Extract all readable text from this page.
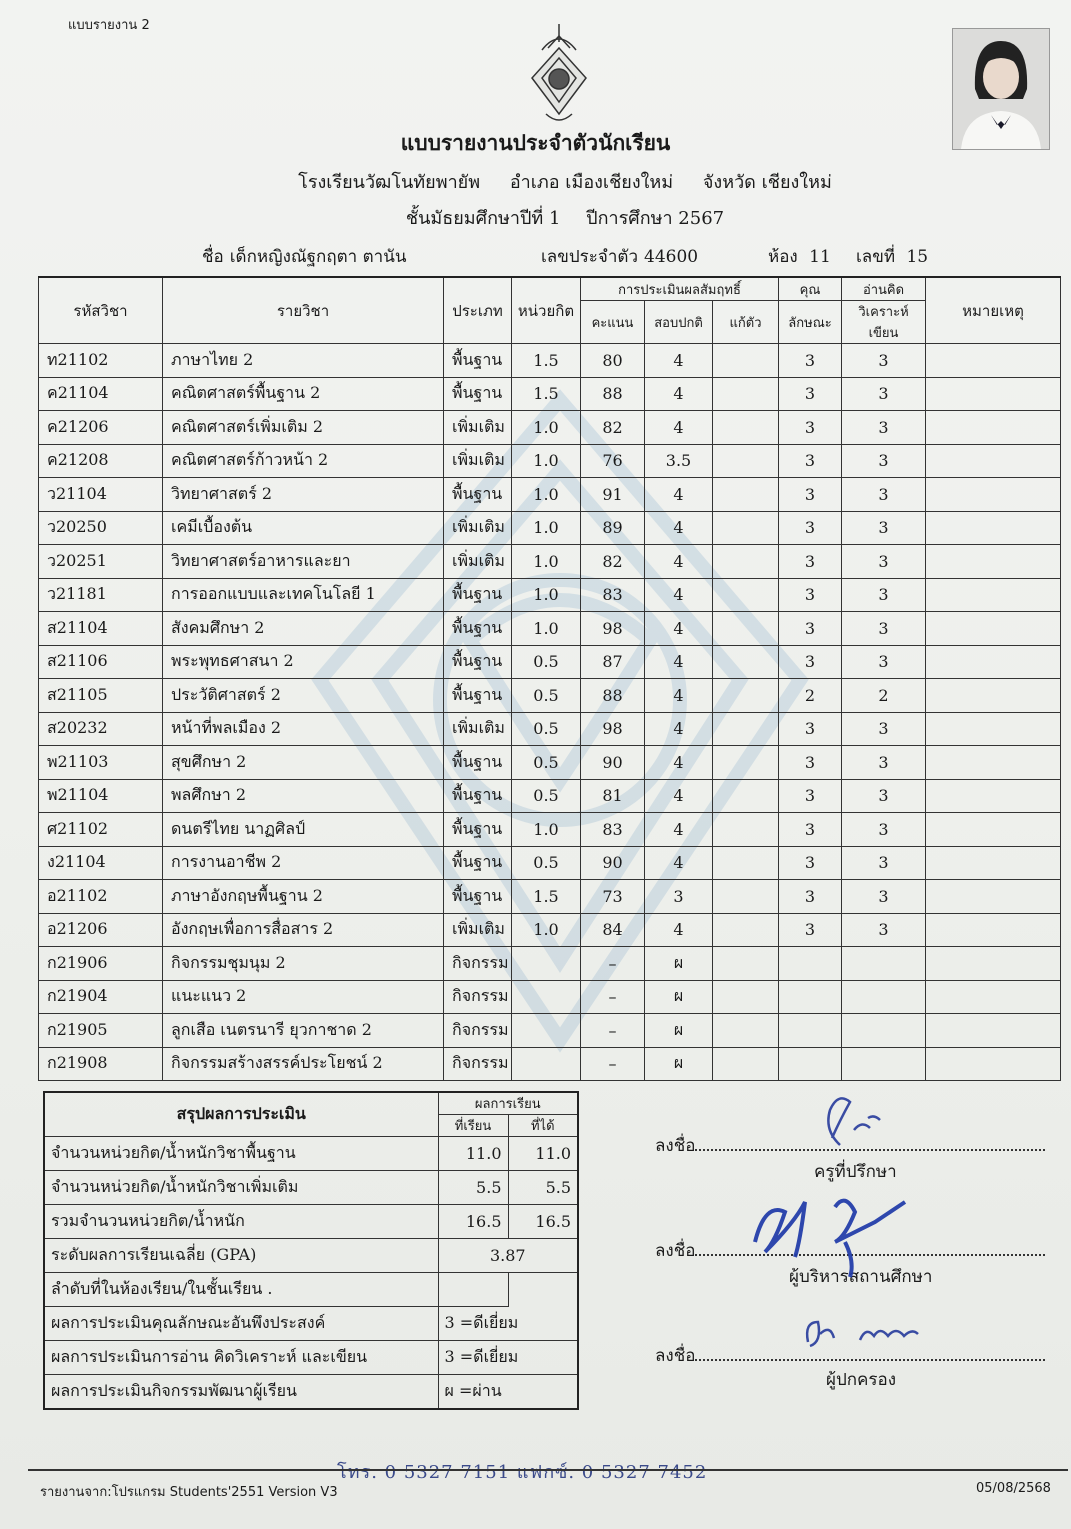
แบบรายงาน 2
แบบรายงานประจำตัวนักเรียน
โรงเรียนวัฒโนทัยพายัพ อำเภอ เมืองเชียงใหม่ จังหวัด เชียงใหม่
ชั้นมัธยมศึกษาปีที่ 1 ปีการศึกษา 2567
ชื่อ เด็กหญิงณัฐกฤตา ตานัน	เลขประจำตัว 44600	ห้อง 11 เลขที่ 15
รหัสวิชา	รายวิชา	ประเภท	หน่วยกิต	การประเมินผลสัมฤทธิ์			คุณ	อ่านคิด	หมายเหตุ
				คะแนน	สอบปกติ	แก้ตัว	ลักษณะ	วิเคราะห์เขียน	
ท21102	ภาษาไทย 2	พื้นฐาน	1.5	80	4		3	3	
ค21104	คณิตศาสตร์พื้นฐาน 2	พื้นฐาน	1.5	88	4		3	3	
ค21206	คณิตศาสตร์เพิ่มเติม 2	เพิ่มเติม	1.0	82	4		3	3	
ค21208	คณิตศาสตร์ก้าวหน้า 2	เพิ่มเติม	1.0	76	3.5		3	3	
ว21104	วิทยาศาสตร์ 2	พื้นฐาน	1.0	91	4		3	3	
ว20250	เคมีเบื้องต้น	เพิ่มเติม	1.0	89	4		3	3	
ว20251	วิทยาศาสตร์อาหารและยา	เพิ่มเติม	1.0	82	4		3	3	
ว21181	การออกแบบและเทคโนโลยี 1	พื้นฐาน	1.0	83	4		3	3	
ส21104	สังคมศึกษา 2	พื้นฐาน	1.0	98	4		3	3	
ส21106	พระพุทธศาสนา 2	พื้นฐาน	0.5	87	4		3	3	
ส21105	ประวัติศาสตร์ 2	พื้นฐาน	0.5	88	4		2	2	
ส20232	หน้าที่พลเมือง 2	เพิ่มเติม	0.5	98	4		3	3	
พ21103	สุขศึกษา 2	พื้นฐาน	0.5	90	4		3	3	
พ21104	พลศึกษา 2	พื้นฐาน	0.5	81	4		3	3	
ศ21102	ดนตรีไทย นาฏศิลป์	พื้นฐาน	1.0	83	4		3	3	
ง21104	การงานอาชีพ 2	พื้นฐาน	0.5	90	4		3	3	
อ21102	ภาษาอังกฤษพื้นฐาน 2	พื้นฐาน	1.5	73	3		3	3	
อ21206	อังกฤษเพื่อการสื่อสาร 2	เพิ่มเติม	1.0	84	4		3	3	
ก21906	กิจกรรมชุมนุม 2	กิจกรรม		–	ผ				
ก21904	แนะแนว 2	กิจกรรม		–	ผ				
ก21905	ลูกเสือ เนตรนารี ยุวกาชาด 2	กิจกรรม		–	ผ				
ก21908	กิจกรรมสร้างสรรค์ประโยชน์ 2	กิจกรรม		–	ผ				
สรุปผลการประเมิน	ผลการเรียน	
	ที่เรียน	ที่ได้
จำนวนหน่วยกิต/น้ำหนักวิชาพื้นฐาน	11.0	11.0
จำนวนหน่วยกิต/น้ำหนักวิชาเพิ่มเติม	5.5	5.5
รวมจำนวนหน่วยกิต/น้ำหนัก	16.5	16.5
ระดับผลการเรียนเฉลี่ย (GPA)	3.87	
ลำดับที่ในห้องเรียน/ในชั้นเรียน .		
ผลการประเมินคุณลักษณะอันพึงประสงค์	3 =ดีเยี่ยม	
ผลการประเมินการอ่าน คิดวิเคราะห์ และเขียน	3 =ดีเยี่ยม	
ผลการประเมินกิจกรรมพัฒนาผู้เรียน	ผ =ผ่าน	
ลงชื่อ
ครูที่ปรึกษา
ลงชื่อ
ผู้บริหารสถานศึกษา
ลงชื่อ
ผู้ปกครอง
โทร. 0 5327 7151 แฟกซ์. 0 5327 7452
รายงานจาก:โปรแกรม Students'2551 Version V3	05/08/2568
